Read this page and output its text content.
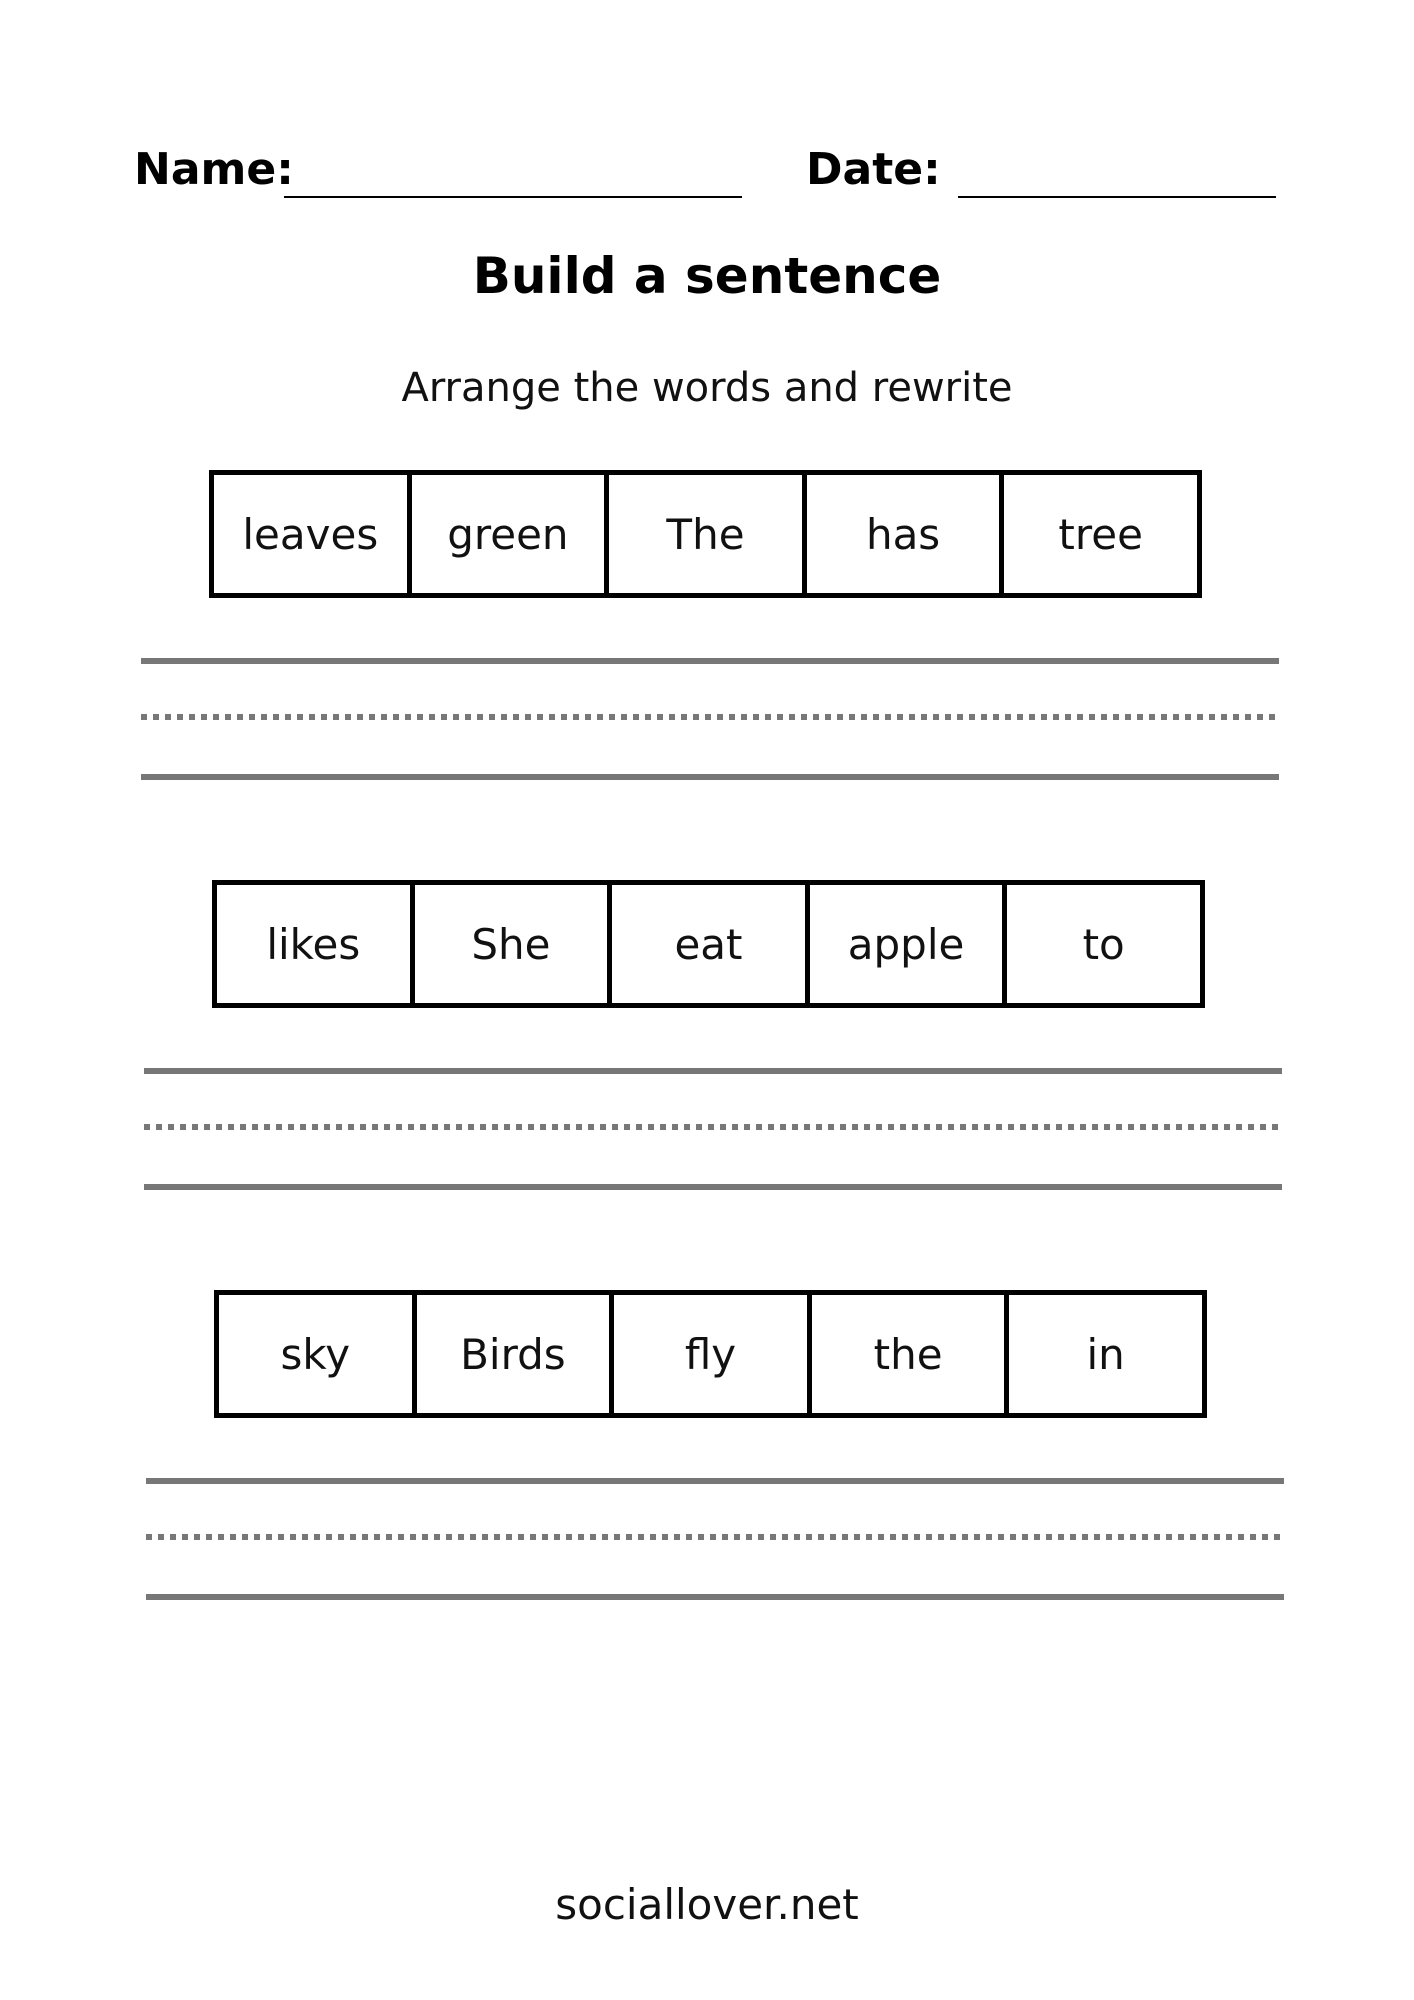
Name:	Date:
Build a sentence
Arrange the words and rewrite
leaves	green	The	has	tree
likes	She	eat	apple	to
sky	Birds	fly	the	in
sociallover.net
